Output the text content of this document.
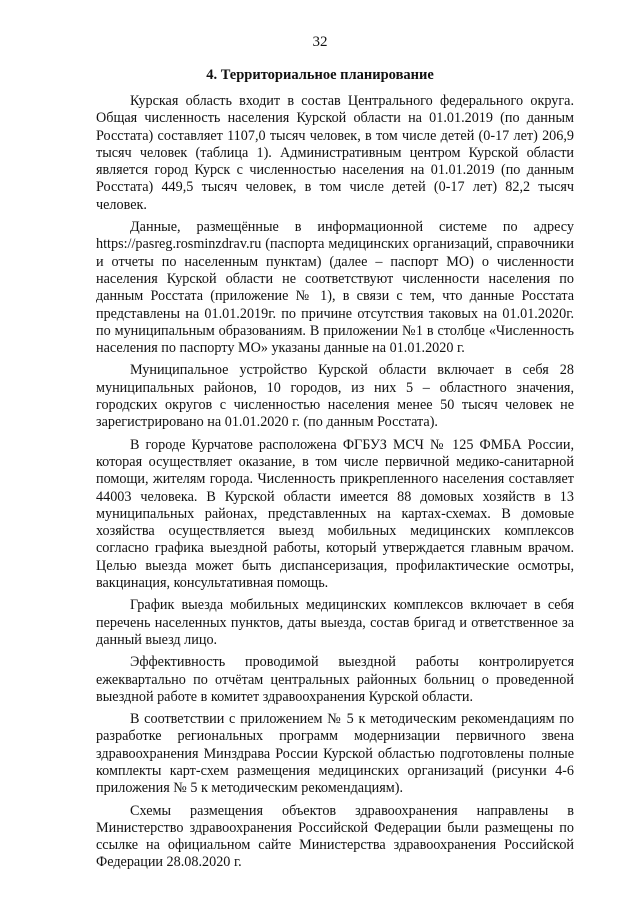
32
4. Территориальное планирование

Курская область входит в состав Центрального федерального округа. Общая численность населения Курской области на 01.01.2019 (по данным Росстата) составляет 1107,0 тысяч человек, в том числе детей (0-17 лет) 206,9 тысяч человек (таблица 1). Административным центром Курской области является город Курск с численностью населения на 01.01.2019 (по данным Росстата) 449,5 тысяч человек, в том числе детей (0-17 лет) 82,2 тысяч человек.

Данные, размещённые в информационной системе по адресу https://pasreg.rosminzdrav.ru (паспорта медицинских организаций, справочники и отчеты по населенным пунктам) (далее – паспорт МО) о численности населения Курской области не соответствуют численности населения по данным Росстата (приложение № 1), в связи с тем, что данные Росстата представлены на 01.01.2019г. по причине отсутствия таковых на 01.01.2020г. по муниципальным образованиям. В приложении №1 в столбце «Численность населения по паспорту МО» указаны данные на 01.01.2020 г.

Муниципальное устройство Курской области включает в себя 28 муниципальных районов, 10 городов, из них 5 – областного значения, городских округов с численностью населения менее 50 тысяч человек не зарегистрировано на 01.01.2020 г. (по данным Росстата).

В городе Курчатове расположена ФГБУЗ МСЧ № 125 ФМБА России, которая осуществляет оказание, в том числе первичной медико-санитарной помощи, жителям города. Численность прикрепленного населения составляет 44003 человека. В Курской области имеется 88 домовых хозяйств в 13 муниципальных районах, представленных на картах-схемах. В домовые хозяйства осуществляется выезд мобильных медицинских комплексов согласно графика выездной работы, который утверждается главным врачом. Целью выезда может быть диспансеризация, профилактические осмотры, вакцинация, консультативная помощь.

График выезда мобильных медицинских комплексов включает в себя перечень населенных пунктов, даты выезда, состав бригад и ответственное за данный выезд лицо.

Эффективность проводимой выездной работы контролируется ежеквартально по отчётам центральных районных больниц о проведенной выездной работе в комитет здравоохранения Курской области.

В соответствии с приложением № 5 к методическим рекомендациям по разработке региональных программ модернизации первичного звена здравоохранения Минздрава России Курской областью подготовлены полные комплекты карт-схем размещения медицинских организаций (рисунки 4-6 приложения № 5 к методическим рекомендациям).

Схемы размещения объектов здравоохранения направлены в Министерство здравоохранения Российской Федерации были размещены по ссылке на официальном сайте Министерства здравоохранения Российской Федерации 28.08.2020 г.
